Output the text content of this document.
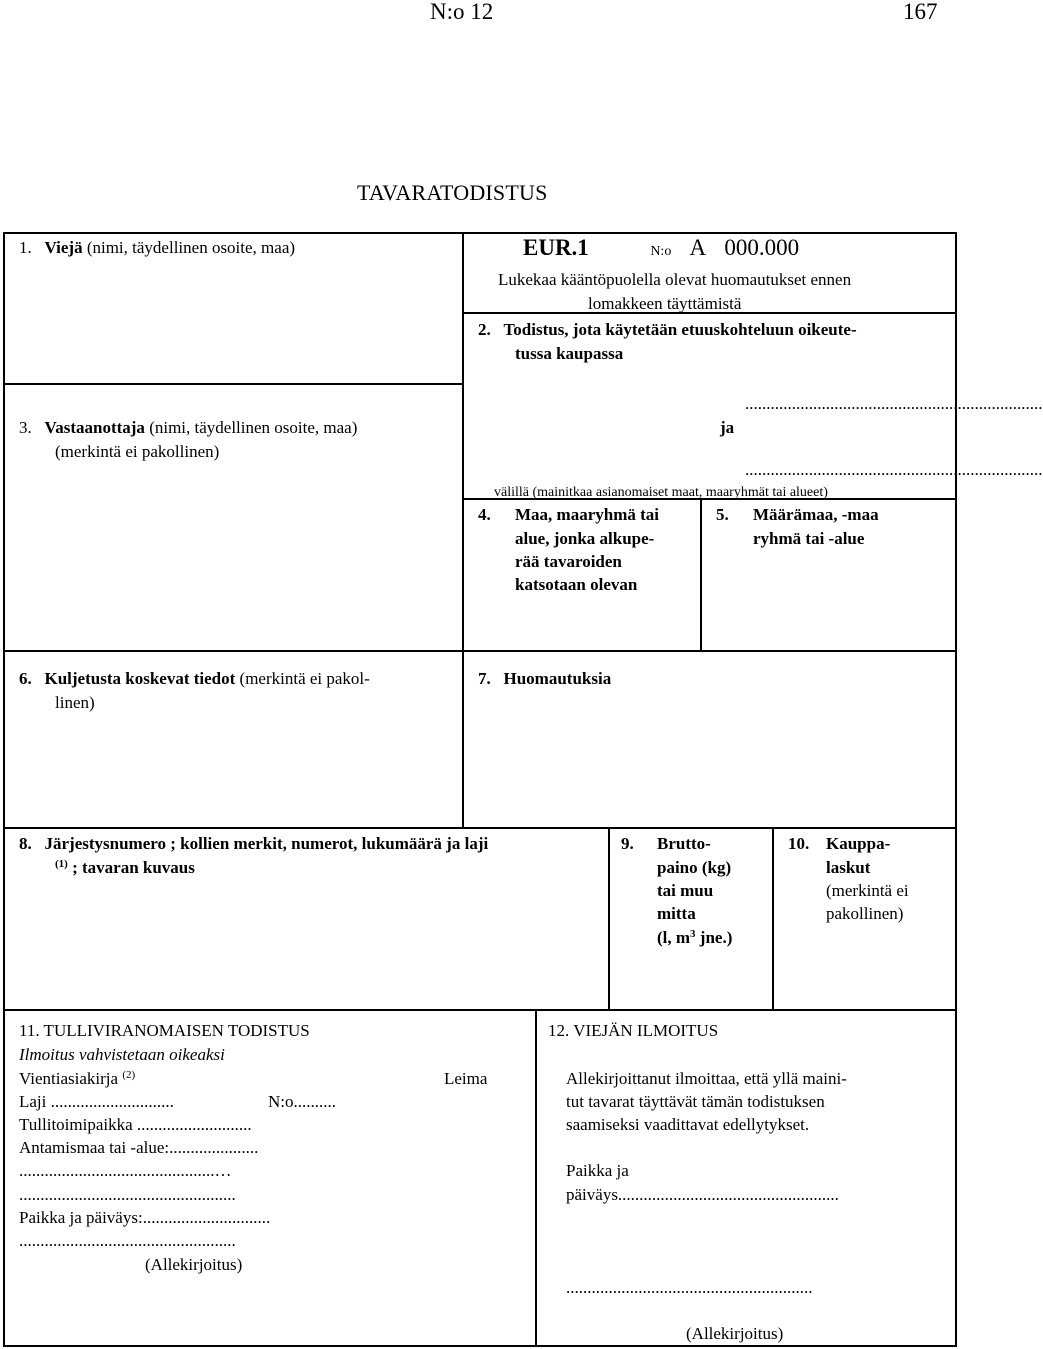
N:o 12	167
TAVARATODISTUS
1. Viejä (nimi, täydellinen osoite, maa)	EUR.1	N:o A 000.000
Lukekaa kääntöpuolella olevat huomautukset ennen
lomakkeen täyttämistä
2. Todistus, jota käytetään etuuskohteluun oikeute-
tussa kaupassa
3. Vastaanottaja (nimi, täydellinen osoite, maa)
(merkintä ei pakollinen)
......................................................................
ja
......................................................................
välillä (mainitkaa asianomaiset maat, maaryhmät tai alueet)
4. Maa, maaryhmä tai
alue, jonka alkupe-
rää tavaroiden
katsotaan olevan
5. Määrämaa, -maa
ryhmä tai -alue
6. Kuljetusta koskevat tiedot (merkintä ei pakol-
linen)
7. Huomautuksia
8. Järjestysnumero ; kollien merkit, numerot, lukumäärä ja laji
$^{(1)}$ ; tavaran kuvaus
9. Brutto-
paino (kg)
tai muu
mitta
(l, $m^3$ jne.)
10. Kauppa-
laskut
(merkintä ei
pakollinen)
11. TULLIVIRANOMAISEN TODISTUS
Ilmoitus vahvistetaan oikeaksi
Vientiasiakirja $^{(2)}$	Leima
Laji .............................	N:o..........
Tullitoimipaikka ...........................
Antamismaa tai -alue:.....................
..............................................…
...................................................
Paikka ja päiväys:..............................
...................................................
(Allekirjoitus)
12. VIEJÄN ILMOITUS
Allekirjoittanut ilmoittaa, että yllä maini-
tut tavarat täyttävät tämän todistuksen
saamiseksi vaadittavat edellytykset.
Paikka ja
päiväys....................................................
..........................................................
(Allekirjoitus)
